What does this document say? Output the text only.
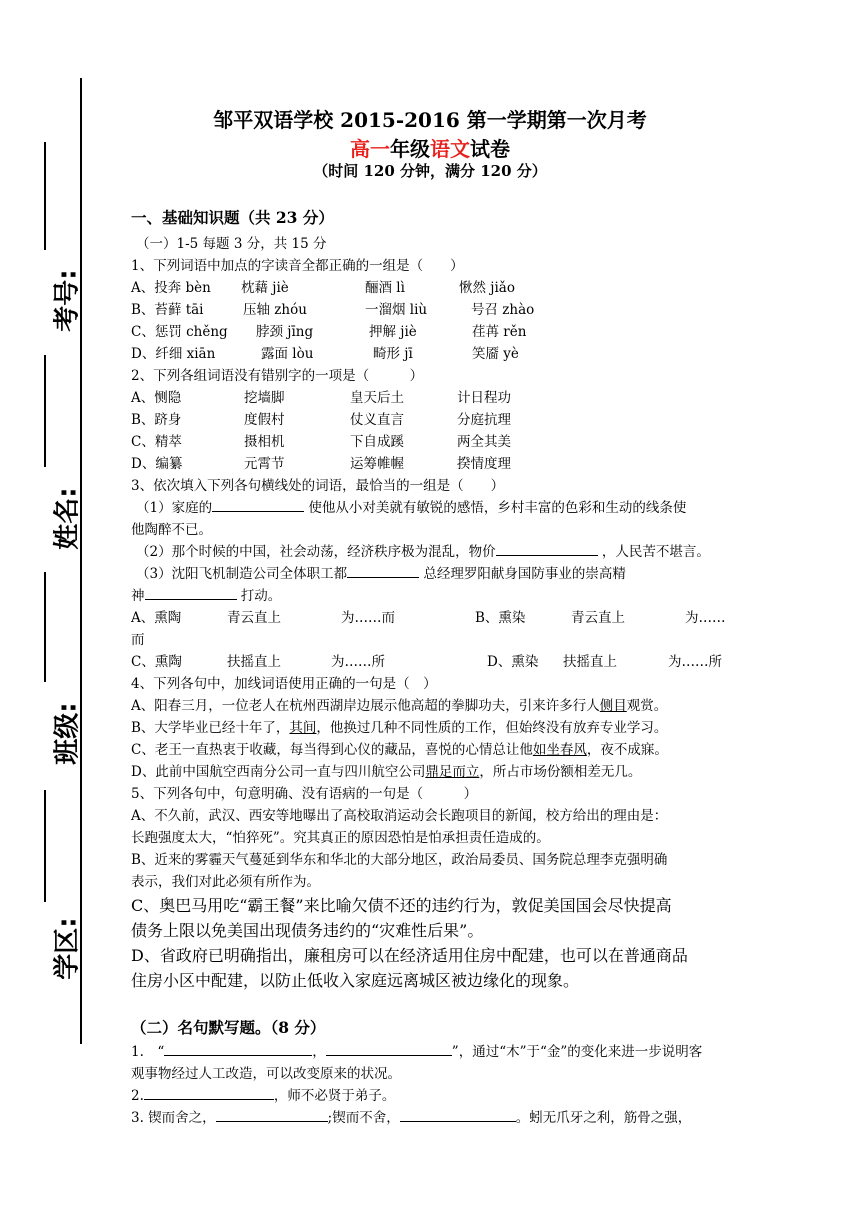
考号:
姓名:
班级:
学区:
邹平双语学校 2015-2016 第一学期第一次月考
高一年级语文试卷
（时间 120 分钟，满分 120 分）
一、基础知识题（共 23 分）
（一）1-5 每题 3 分，共 15 分
1、下列词语中加点的字读音全都正确的一组是（　　）
A、投奔 bèn 枕藉 jiè	酾酒 lì	愀然 jiǎo
B、苔藓 tāi	压轴 zhóu	一溜烟 liù	号召 zhào
C、惩罚 chěng 脖颈 jīng	押解 jiè	荏苒 rěn
D、纤细 xiān	露面 lòu	畸形 jī	笑靥 yè
2、下列各组词语没有错别字的一项是（　　　）
A、恻隐	挖墙脚	皇天后土	计日程功
B、跻身	度假村	仗义直言	分庭抗理
C、精萃	摄相机	下自成蹊	两全其美
D、编纂	元霄节	运筹帷幄	揆情度理
3、依次填入下列各句横线处的词语，最恰当的一组是（　　）
（1）家庭的	使他从小对美就有敏锐的感悟，乡村丰富的色彩和生动的线条使
他陶醉不已。
（2）那个时候的中国，社会动荡，经济秩序极为混乱，物价	，人民苦不堪言。
（3）沈阳飞机制造公司全体职工都	总经理罗阳献身国防事业的崇高精
神	打动。
A、熏陶	青云直上	为……而	B、熏染	青云直上	为……
而
C、熏陶	扶摇直上	为……所	D、熏染 扶摇直上	为……所
4、下列各句中，加线词语使用正确的一句是（　）
A、阳春三月，一位老人在杭州西湖岸边展示他高超的拳脚功夫，引来许多行人侧目观赏。
B、大学毕业已经十年了，其间，他换过几种不同性质的工作，但始终没有放弃专业学习。
C、老王一直热衷于收藏，每当得到心仪的藏品，喜悦的心情总让他如坐春风，夜不成寐。
D、此前中国航空西南分公司一直与四川航空公司鼎足而立，所占市场份额相差无几。
5、下列各句中，句意明确、没有语病的一句是（　　　）
A、不久前，武汉、西安等地曝出了高校取消运动会长跑项目的新闻，校方给出的理由是：
长跑强度太大，“怕猝死”。究其真正的原因恐怕是怕承担责任造成的。
B、近来的雾霾天气蔓延到华东和华北的大部分地区，政治局委员、国务院总理李克强明确
表示，我们对此必须有所作为。
C、奥巴马用吃“霸王餐”来比喻欠债不还的违约行为，敦促美国国会尽快提高
债务上限以免美国出现债务违约的“灾难性后果”。
D、省政府已明确指出，廉租房可以在经济适用住房中配建，也可以在普通商品
住房小区中配建，以防止低收入家庭远离城区被边缘化的现象。
（二）名句默写题。（8 分）
1.　“	，	”，通过“木”于“金”的变化来进一步说明客
观事物经过人工改造，可以改变原来的状况。
2.	，师不必贤于弟子。
3. 锲而舍之，	;锲而不舍，	。蚓无爪牙之利，筋骨之强，
